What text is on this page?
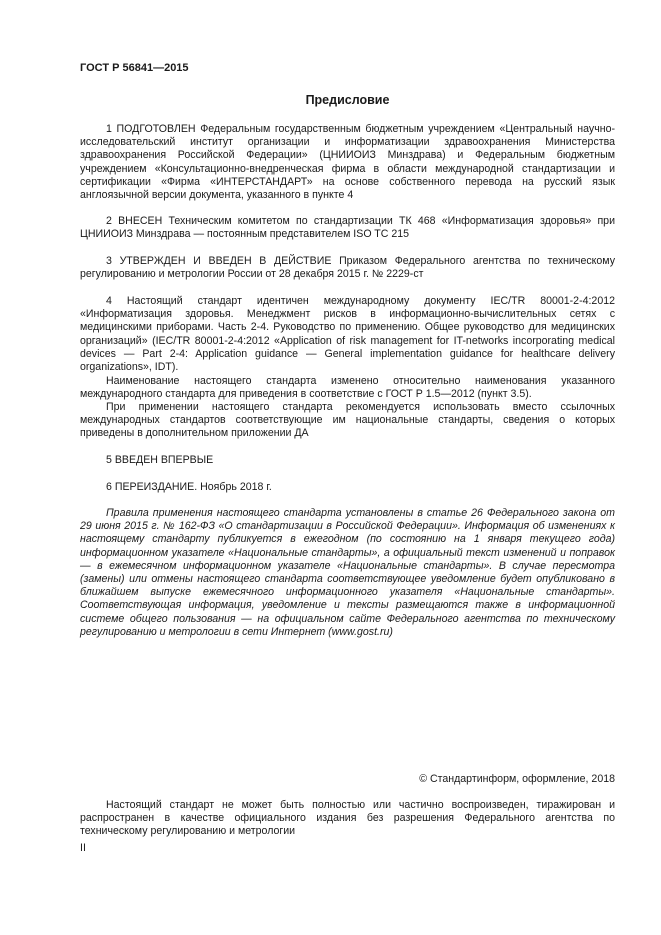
ГОСТ Р 56841—2015
Предисловие

1 ПОДГОТОВЛЕН Федеральным государственным бюджетным учреждением «Центральный научно-исследовательский институт организации и информатизации здравоохранения Министерства здравоохранения Российской Федерации» (ЦНИИОИЗ Минздрава) и Федеральным бюджетным учреждением «Консультационно-внедренческая фирма в области международной стандартизации и сертификации «Фирма «ИНТЕРСТАНДАРТ» на основе собственного перевода на русский язык англоязычной версии документа, указанного в пункте 4

2 ВНЕСЕН Техническим комитетом по стандартизации ТК 468 «Информатизация здоровья» при ЦНИИОИЗ Минздрава — постоянным представителем ISO TC 215

3 УТВЕРЖДЕН И ВВЕДЕН В ДЕЙСТВИЕ Приказом Федерального агентства по техническому регулированию и метрологии России от 28 декабря 2015 г. № 2229-ст

4 Настоящий стандарт идентичен международному документу IEC/TR 80001-2-4:2012 «Информатизация здоровья. Менеджмент рисков в информационно-вычислительных сетях с медицинскими приборами. Часть 2-4. Руководство по применению. Общее руководство для медицинских организаций» (IEC/TR 80001-2-4:2012 «Application of risk management for IT-networks incorporating medical devices — Part 2-4: Application guidance — General implementation guidance for healthcare delivery organizations», IDT).

Наименование настоящего стандарта изменено относительно наименования указанного международного стандарта для приведения в соответствие с ГОСТ Р 1.5—2012 (пункт 3.5).

При применении настоящего стандарта рекомендуется использовать вместо ссылочных международных стандартов соответствующие им национальные стандарты, сведения о которых приведены в дополнительном приложении ДА

5 ВВЕДЕН ВПЕРВЫЕ

6 ПЕРЕИЗДАНИЕ. Ноябрь 2018 г.

Правила применения настоящего стандарта установлены в статье 26 Федерального закона от 29 июня 2015 г. № 162-ФЗ «О стандартизации в Российской Федерации». Информация об изменениях к настоящему стандарту публикуется в ежегодном (по состоянию на 1 января текущего года) информационном указателе «Национальные стандарты», а официальный текст изменений и поправок — в ежемесячном информационном указателе «Национальные стандарты». В случае пересмотра (замены) или отмены настоящего стандарта соответствующее уведомление будет опубликовано в ближайшем выпуске ежемесячного информационного указателя «Национальные стандарты». Соответствующая информация, уведомление и тексты размещаются также в информационной системе общего пользования — на официальном сайте Федерального агентства по техническому регулированию и метрологии в сети Интернет (www.gost.ru)

© Стандартинформ, оформление, 2018

Настоящий стандарт не может быть полностью или частично воспроизведен, тиражирован и распространен в качестве официального издания без разрешения Федерального агентства по техническому регулированию и метрологии

II
